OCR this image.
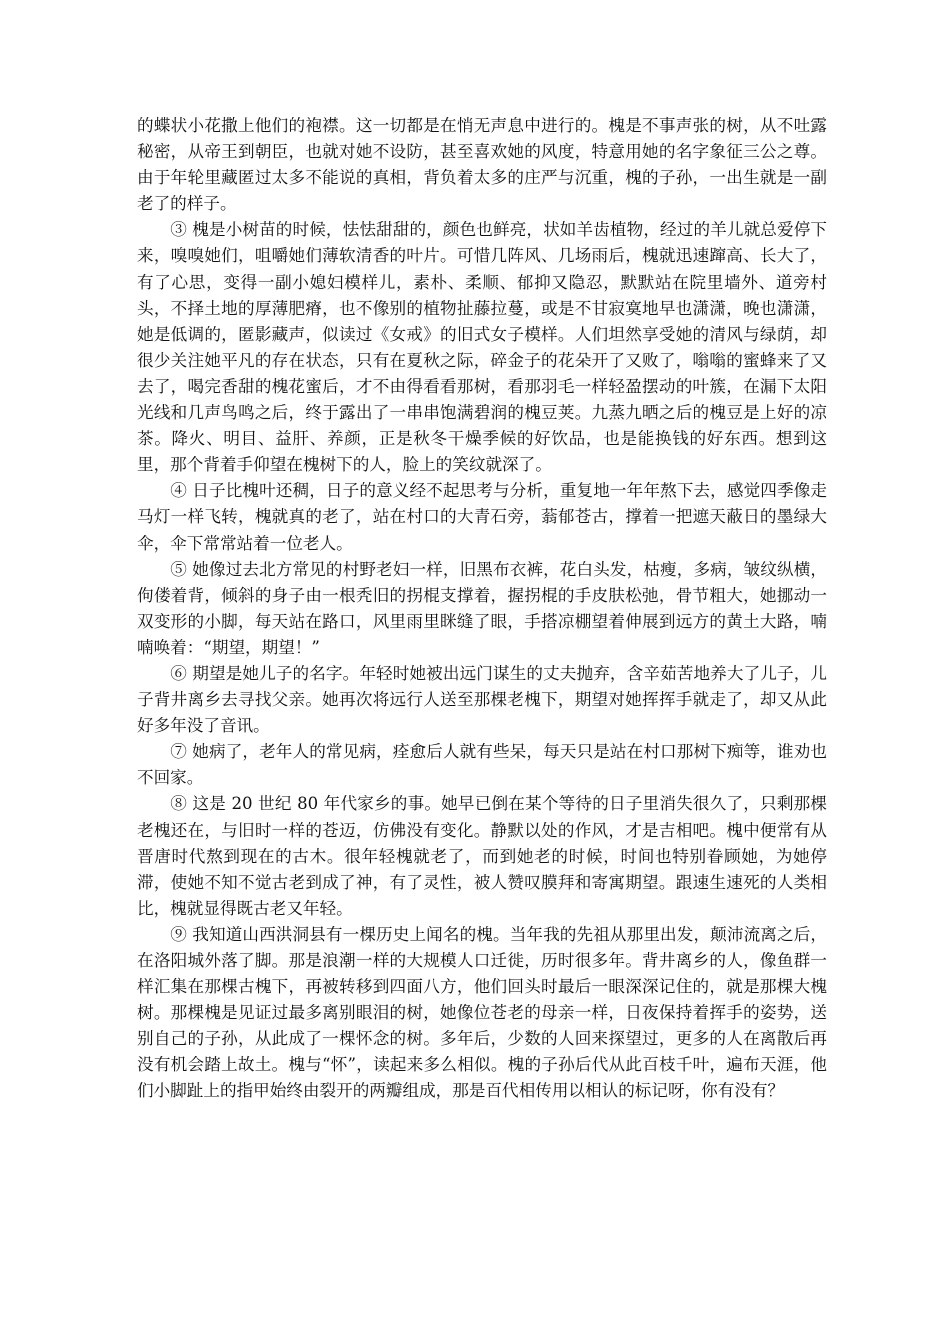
的蝶状小花撒上他们的袍襟。这一切都是在悄无声息中进行的。槐是不事声张的树，从不吐露秘密，从帝王到朝臣，也就对她不设防，甚至喜欢她的风度，特意用她的名字象征三公之尊。由于年轮里藏匿过太多不能说的真相，背负着太多的庄严与沉重，槐的子孙，一出生就是一副老了的样子。

③ 槐是小树苗的时候，怯怯甜甜的，颜色也鲜亮，状如羊齿植物，经过的羊儿就总爱停下来，嗅嗅她们，咀嚼她们薄软清香的叶片。可惜几阵风、几场雨后，槐就迅速蹿高、长大了，有了心思，变得一副小媳妇模样儿，素朴、柔顺、郁抑又隐忍，默默站在院里墙外、道旁村头，不择土地的厚薄肥瘠，也不像别的植物扯藤拉蔓，或是不甘寂寞地早也潇潇，晚也潇潇，她是低调的，匿影藏声，似读过《女戒》的旧式女子模样。人们坦然享受她的清风与绿荫，却很少关注她平凡的存在状态，只有在夏秋之际，碎金子的花朵开了又败了，嗡嗡的蜜蜂来了又去了，喝完香甜的槐花蜜后，才不由得看看那树，看那羽毛一样轻盈摆动的叶簇，在漏下太阳光线和几声鸟鸣之后，终于露出了一串串饱满碧润的槐豆荚。九蒸九晒之后的槐豆是上好的凉茶。降火、明目、益肝、养颜，正是秋冬干燥季候的好饮品，也是能换钱的好东西。想到这里，那个背着手仰望在槐树下的人，脸上的笑纹就深了。

④ 日子比槐叶还稠，日子的意义经不起思考与分析，重复地一年年熬下去，感觉四季像走马灯一样飞转，槐就真的老了，站在村口的大青石旁，蓊郁苍古，撑着一把遮天蔽日的墨绿大伞，伞下常常站着一位老人。

⑤ 她像过去北方常见的村野老妇一样，旧黑布衣裤，花白头发，枯瘦，多病，皱纹纵横，佝偻着背，倾斜的身子由一根秃旧的拐棍支撑着，握拐棍的手皮肤松弛，骨节粗大，她挪动一双变形的小脚，每天站在路口，风里雨里眯缝了眼，手搭凉棚望着伸展到远方的黄土大路，喃喃唤着：“期望，期望！”

⑥ 期望是她儿子的名字。年轻时她被出远门谋生的丈夫抛弃，含辛茹苦地养大了儿子，儿子背井离乡去寻找父亲。她再次将远行人送至那棵老槐下，期望对她挥挥手就走了，却又从此好多年没了音讯。

⑦ 她病了，老年人的常见病，痊愈后人就有些呆，每天只是站在村口那树下痴等，谁劝也不回家。

⑧ 这是 20 世纪 80 年代家乡的事。她早已倒在某个等待的日子里消失很久了，只剩那棵老槐还在，与旧时一样的苍迈，仿佛没有变化。静默以处的作风，才是吉相吧。槐中便常有从晋唐时代熬到现在的古木。很年轻槐就老了，而到她老的时候，时间也特别眷顾她，为她停滞，使她不知不觉古老到成了神，有了灵性，被人赞叹膜拜和寄寓期望。跟速生速死的人类相比，槐就显得既古老又年轻。

⑨ 我知道山西洪洞县有一棵历史上闻名的槐。当年我的先祖从那里出发，颠沛流离之后，在洛阳城外落了脚。那是浪潮一样的大规模人口迁徙，历时很多年。背井离乡的人，像鱼群一样汇集在那棵古槐下，再被转移到四面八方，他们回头时最后一眼深深记住的，就是那棵大槐树。那棵槐是见证过最多离别眼泪的树，她像位苍老的母亲一样，日夜保持着挥手的姿势，送别自己的子孙，从此成了一棵怀念的树。多年后，少数的人回来探望过，更多的人在离散后再没有机会踏上故土。槐与“怀”，读起来多么相似。槐的子孙后代从此百枝千叶，遍布天涯，他们小脚趾上的指甲始终由裂开的两瓣组成，那是百代相传用以相认的标记呀，你有没有？
